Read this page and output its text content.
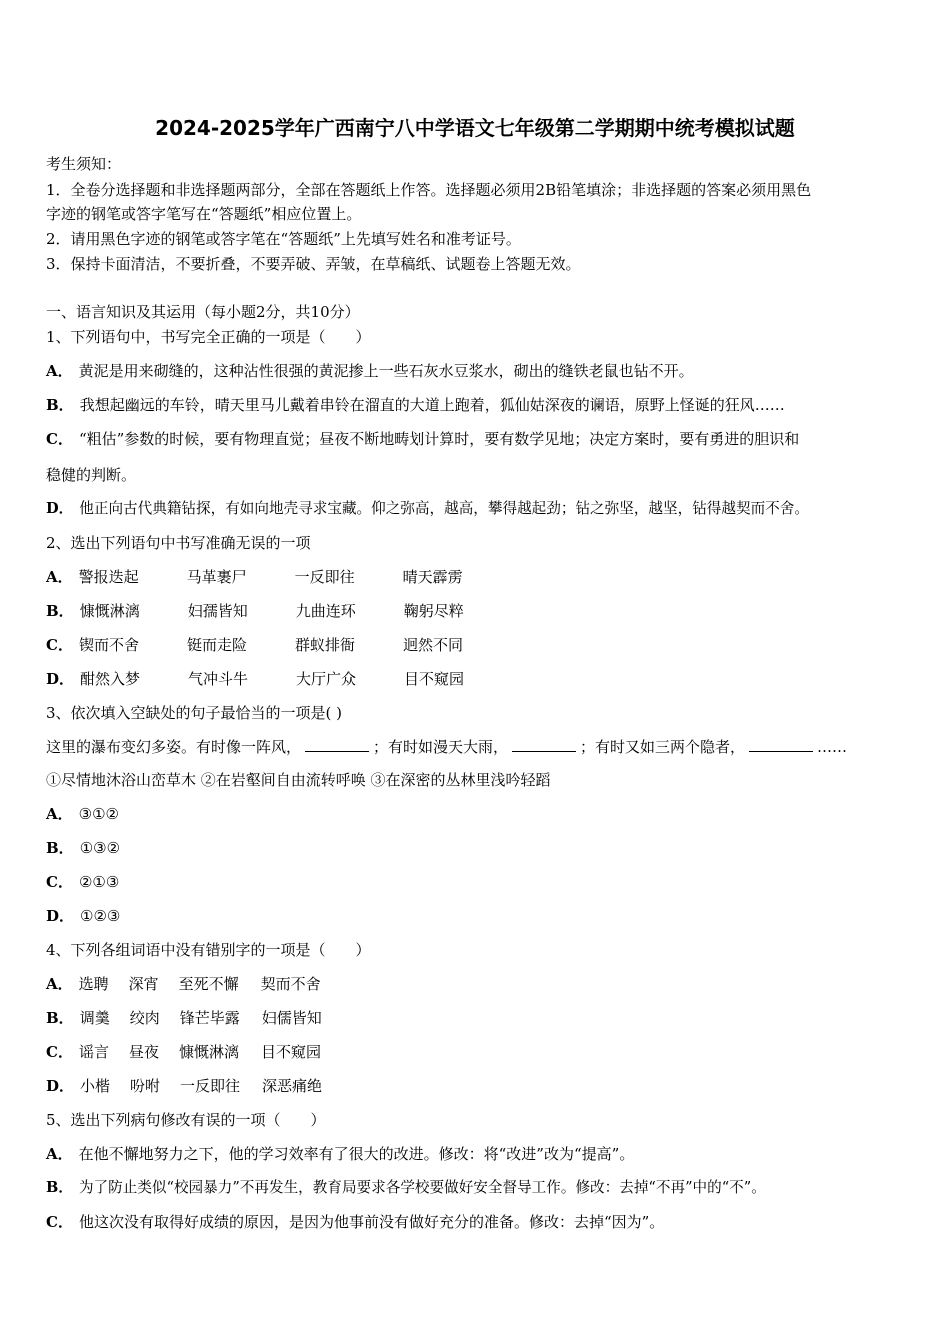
2024-2025学年广西南宁八中学语文七年级第二学期期中统考模拟试题
考生须知：
1．全卷分选择题和非选择题两部分，全部在答题纸上作答。选择题必须用2B铅笔填涂；非选择题的答案必须用黑色
字迹的钢笔或答字笔写在“答题纸”相应位置上。
2．请用黑色字迹的钢笔或答字笔在“答题纸”上先填写姓名和准考证号。
3．保持卡面清洁，不要折叠，不要弄破、弄皱，在草稿纸、试题卷上答题无效。
一、语言知识及其运用（每小题2分，共10分）
1、下列语句中，书写完全正确的一项是（　　）
A． 黄泥是用来砌缝的，这种沾性很强的黄泥掺上一些石灰水豆浆水，砌出的缝铁老鼠也钻不开。
B． 我想起幽远的车铃，晴天里马儿戴着串铃在溜直的大道上跑着，狐仙姑深夜的谰语，原野上怪诞的狂风……
C． “粗估”参数的时候，要有物理直觉；昼夜不断地畴划计算时，要有数学见地；决定方案时，要有勇进的胆识和
稳健的判断。
D． 他正向古代典籍钻探，有如向地壳寻求宝藏。仰之弥高，越高，攀得越起劲；钻之弥坚，越坚，钻得越契而不舍。
2、选出下列语句中书写准确无误的一项
A． 警报迭起	马革裹尸	一反即往	晴天霹雳
B． 慷慨淋漓	妇孺皆知	九曲连环	鞠躬尽粹
C． 锲而不舍	铤而走险	群蚁排衙	迥然不同
D． 酣然入梦	气冲斗牛	大厅广众	目不窥园
3、依次填入空缺处的句子最恰当的一项是( )
这里的瀑布变幻多姿。有时像一阵风，	；有时如漫天大雨，	；有时又如三两个隐者，	……
①尽情地沐浴山峦草木 ②在岩壑间自由流转呼唤 ③在深密的丛林里浅吟轻蹈
A． ③①②
B． ①③②
C． ②①③
D． ①②③
4、下列各组词语中没有错别字的一项是（　　）
A． 选聘 深宵 至死不懈 契而不舍
B． 调羹 绞肉 锋芒毕露 妇儒皆知
C． 谣言 昼夜 慷慨淋漓 目不窥园
D． 小楷 吩咐 一反即往 深恶痛绝
5、选出下列病句修改有误的一项（　　）
A． 在他不懈地努力之下，他的学习效率有了很大的改进。修改：将“改进”改为“提高”。
B． 为了防止类似“校园暴力”不再发生，教育局要求各学校要做好安全督导工作。修改：去掉“不再”中的“不”。
C． 他这次没有取得好成绩的原因，是因为他事前没有做好充分的准备。修改：去掉“因为”。
